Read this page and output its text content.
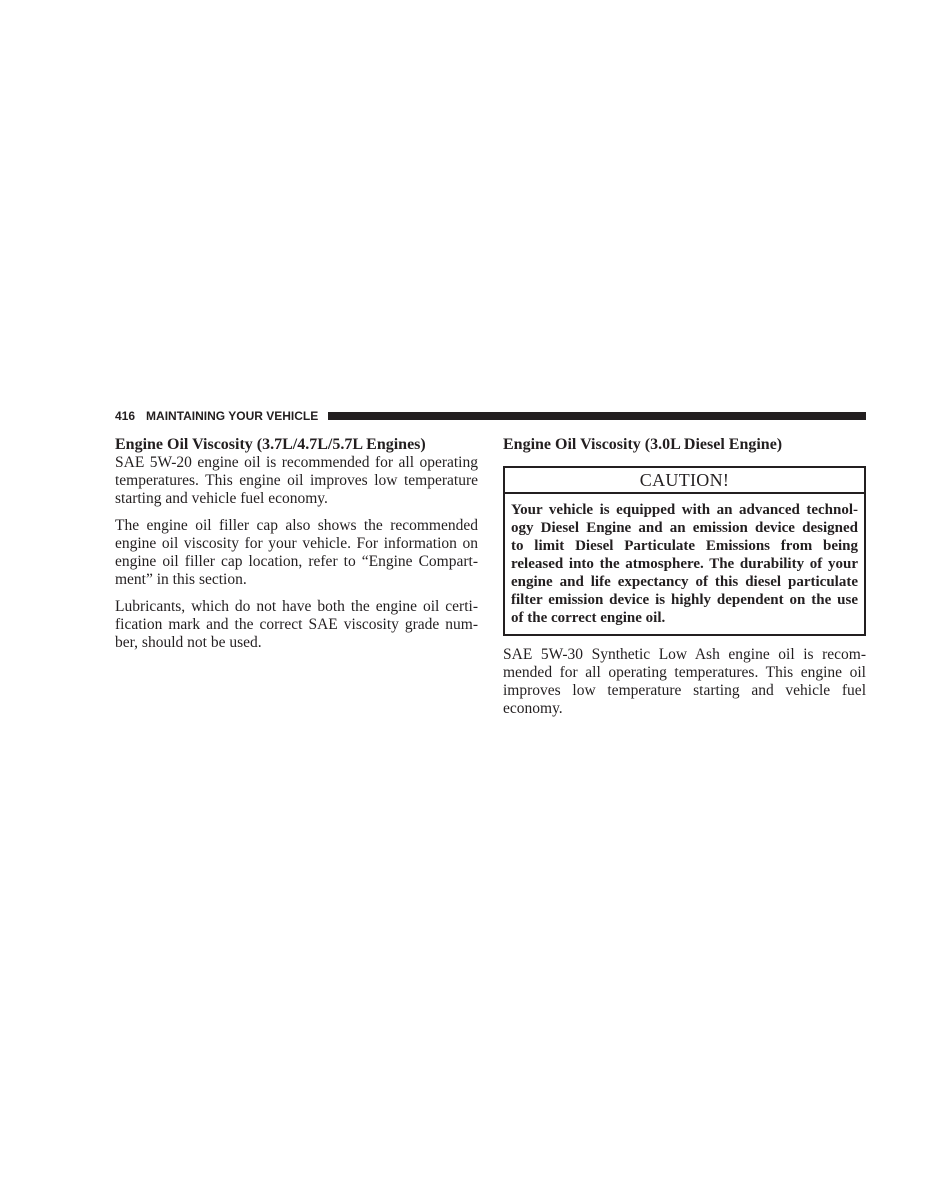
416 MAINTAINING YOUR VEHICLE
Engine Oil Viscosity (3.7L/4.7L/5.7L Engines)
SAE 5W-20 engine oil is recommended for all operating
temperatures. This engine oil improves low temperature
starting and vehicle fuel economy.
The engine oil filler cap also shows the recommended
engine oil viscosity for your vehicle. For information on
engine oil filler cap location, refer to “Engine Compart-
ment” in this section.
Lubricants, which do not have both the engine oil certi-
fication mark and the correct SAE viscosity grade num-
ber, should not be used.
Engine Oil Viscosity (3.0L Diesel Engine)
CAUTION!
Your vehicle is equipped with an advanced technol-
ogy Diesel Engine and an emission device designed
to limit Diesel Particulate Emissions from being
released into the atmosphere. The durability of your
engine and life expectancy of this diesel particulate
filter emission device is highly dependent on the use
of the correct engine oil.
SAE 5W-30 Synthetic Low Ash engine oil is recom-
mended for all operating temperatures. This engine oil
improves low temperature starting and vehicle fuel
economy.
